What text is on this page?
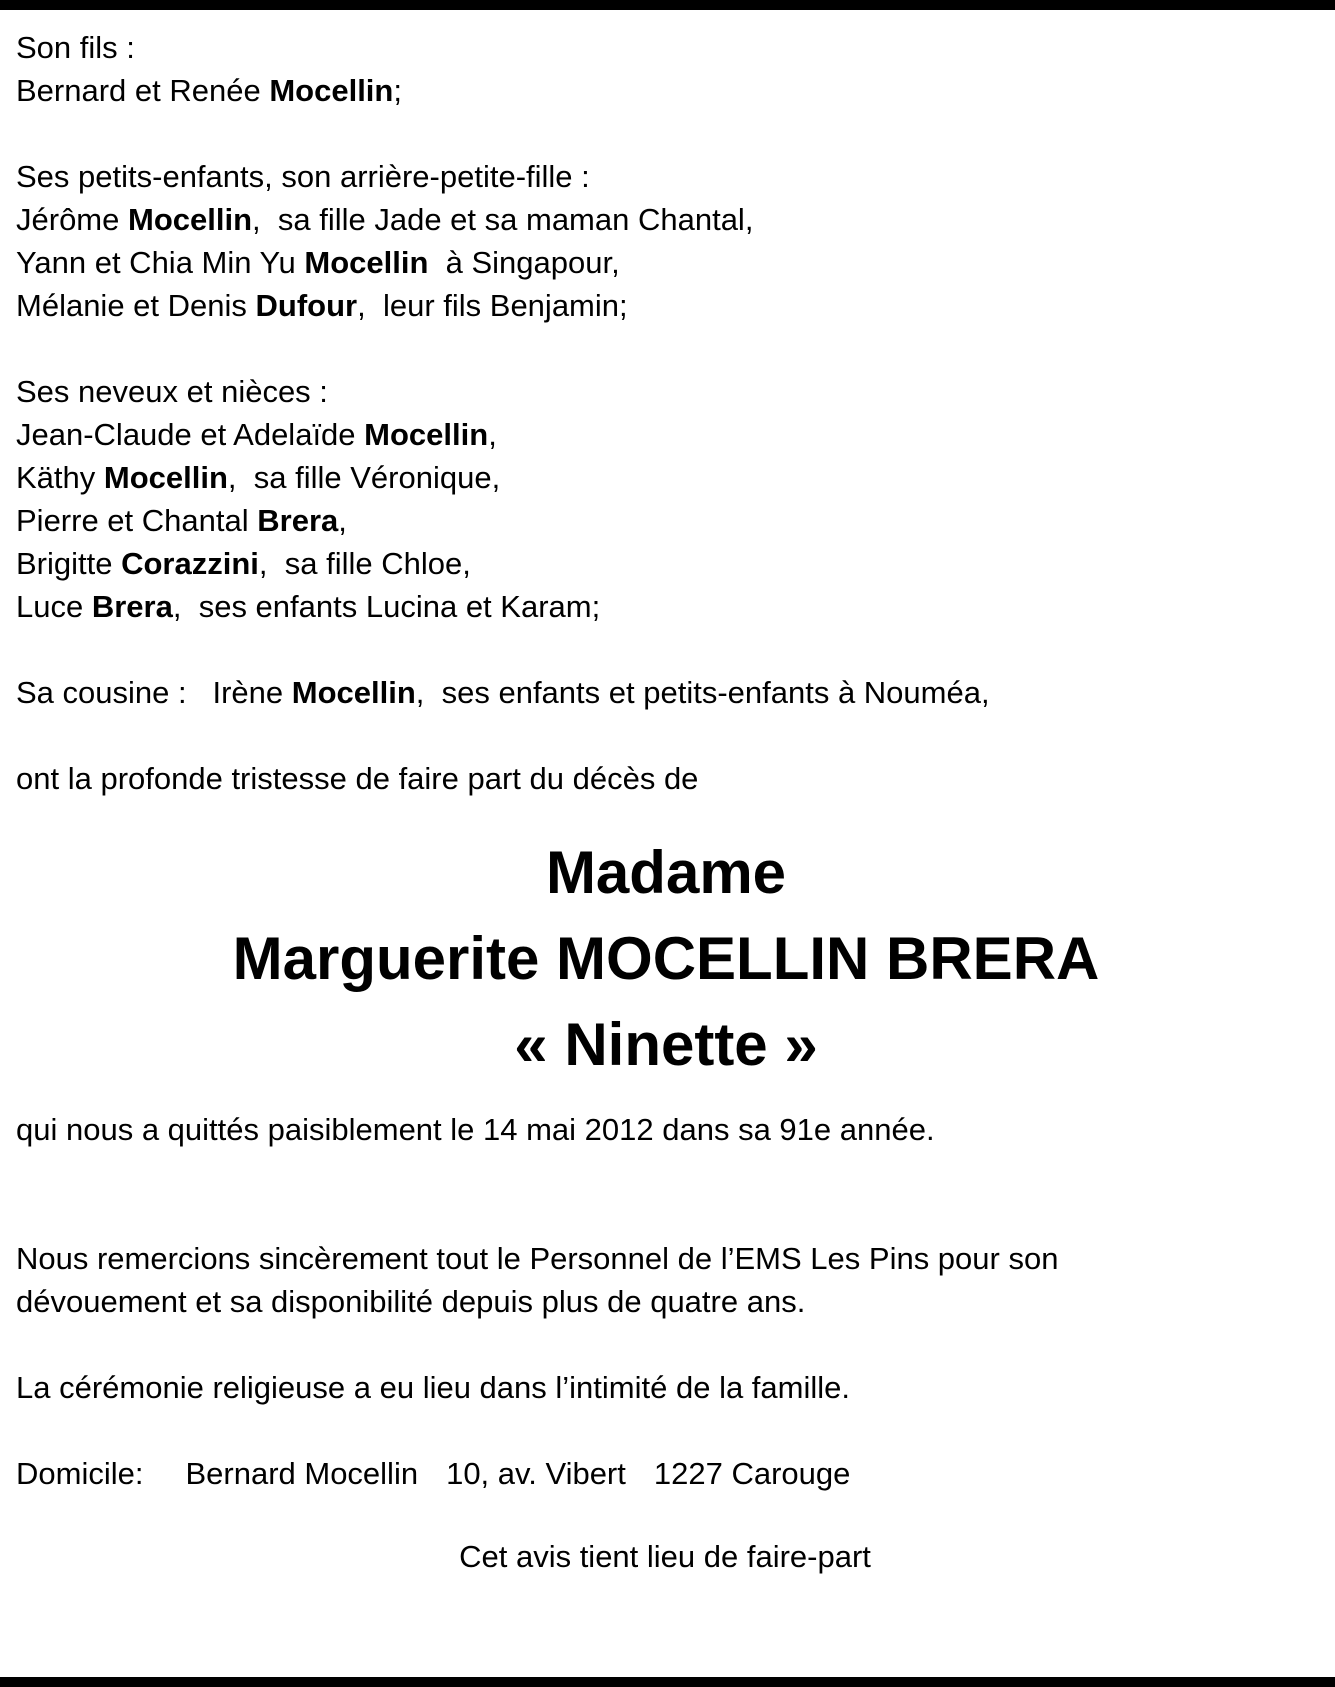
Son fils :

Bernard et Renée Mocellin;

Ses petits-enfants, son arrière-petite-fille :

Jérôme Mocellin,  sa fille Jade et sa maman Chantal,

Yann et Chia Min Yu Mocellin  à Singapour,

Mélanie et Denis Dufour,  leur fils Benjamin;

Ses neveux et nièces :

Jean-Claude et Adelaïde Mocellin,

Käthy Mocellin,  sa fille Véronique,

Pierre et Chantal Brera,

Brigitte Corazzini,  sa fille Chloe,

Luce Brera,  ses enfants Lucina et Karam;

Sa cousine : Irène Mocellin,  ses enfants et petits-enfants à Nouméa,

ont la profonde tristesse de faire part du décès de

Madame
Marguerite MOCELLIN BRERA
« Ninette »

qui nous a quittés paisiblement le 14 mai 2012 dans sa 91e année.

Nous remercions sincèrement tout le Personnel de l’EMS Les Pins pour son

dévouement et sa disponibilité depuis plus de quatre ans.

La cérémonie religieuse a eu lieu dans l’intimité de la famille.

Domicile: Bernard Mocellin 10, av. Vibert 1227 Carouge

Cet avis tient lieu de faire-part
